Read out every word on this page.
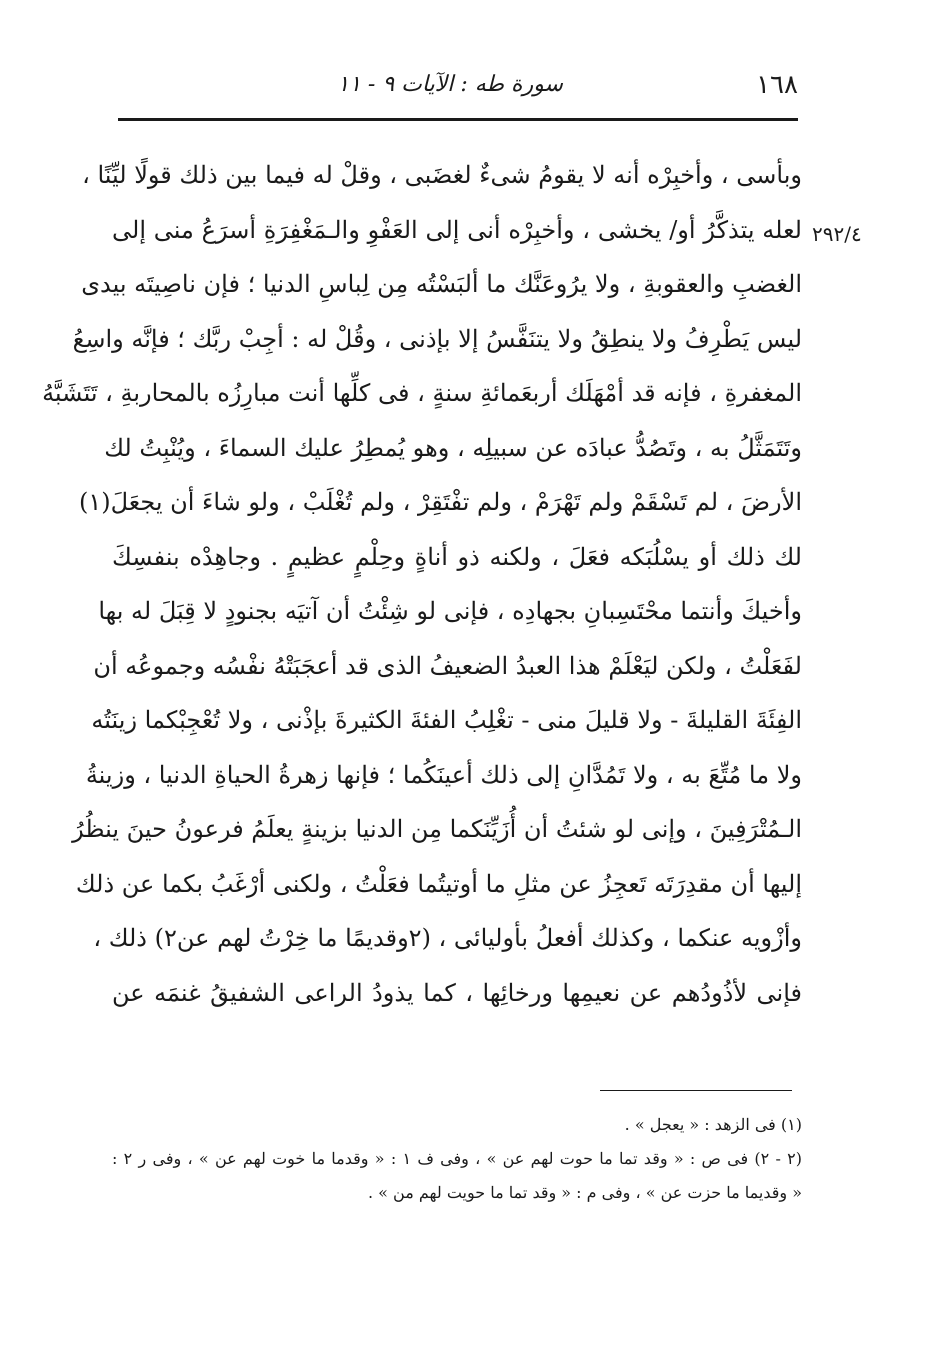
١٦٨
سورة طه : الآيات ٩ - ١١
٢٩٢/٤
وبأسى ، وأخبِرْه أنه لا يقومُ شىءٌ لغضَبى ، وقلْ له فيما بين ذلك قولًا ليِّنًا ،
لعله يتذكَّرُ أو/ يخشى ، وأخبِرْه أنى إلى العَفْوِ والـمَغْفِرَةِ أسرَعُ منى إلى
الغضبِ والعقوبةِ ، ولا يرُوعَنَّك ما ألبَسْتُه مِن لِباسِ الدنيا ؛ فإن ناصِيتَه بيدى
ليس يَطْرِفُ ولا ينطِقُ ولا يتنَفَّسُ إلا بإذنى ، وقُلْ له : أجِبْ ربَّك ؛ فإنَّه واسِعُ
المغفرةِ ، فإنه قد أمْهَلَك أربعَمائةِ سنةٍ ، فى كلِّها أنت مبارِزُه بالمحاربةِ ، تَتَشَبَّهُ
وتَتَمَثَّلُ به ، وتَصُدُّ عبادَه عن سبيلِه ، وهو يُمطِرُ عليك السماءَ ، ويُنْبِتُ لك
الأرضَ ، لم تَسْقَمْ ولم تَهْرَمْ ، ولم تفْتَقِرْ ، ولم تُغْلَبْ ، ولو شاءَ أن يجعَلَ(١)
لك ذلك أو يسْلُبَكه فعَلَ ، ولكنه ذو أناةٍ وحِلْمٍ عظيمٍ . وجاهِدْه بنفسِكَ
وأخيكَ وأنتما محْتَسِبانِ بجهادِه ، فإنى لو شِئْتُ أن آتيَه بجنودٍ لا قِبَلَ له بها
لفَعَلْتُ ، ولكن ليَعْلَمْ هذا العبدُ الضعيفُ الذى قد أعجَبَتْهُ نفْسُه وجموعُه أن
الفِئَةَ القليلةَ - ولا قليلَ منى - تغْلِبُ الفئةَ الكثيرةَ بإذْنى ، ولا تُعْجِبْكما زينَتُه
ولا ما مُتِّعَ به ، ولا تَمُدَّانِ إلى ذلك أعينَكُما ؛ فإنها زهرةُ الحياةِ الدنيا ، وزينةُ
الـمُتْرَفِينَ ، وإنى لو شئتُ أن أُزَيِّنَكما مِن الدنيا بزينةٍ يعلَمُ فرعونُ حينَ ينظُرُ
إليها أن مقدِرَتَه تَعجِزُ عن مثلِ ما أوتيتُما فعَلْتُ ، ولكنى أرْغَبُ بكما عن ذلك
وأزْويه عنكما ، وكذلك أفعلُ بأوليائى ، (٢وقديمًا ما خِرْتُ لهم عن٢) ذلك ،
فإنى لأذُودُهم عن نعيمِها ورخائِها ، كما يذودُ الراعى الشفيقُ غنمَه عن
(١) فى الزهد : « يعجل » .
(٢ - ٢) فى ص : « وقد تما ما حوت لهم عن » ، وفى ف ١ : « وقدما ما خوت لهم عن » ، وفى ر ٢ :
« وقديما ما حزت عن » ، وفى م : « وقد تما ما حويت لهم من » .
